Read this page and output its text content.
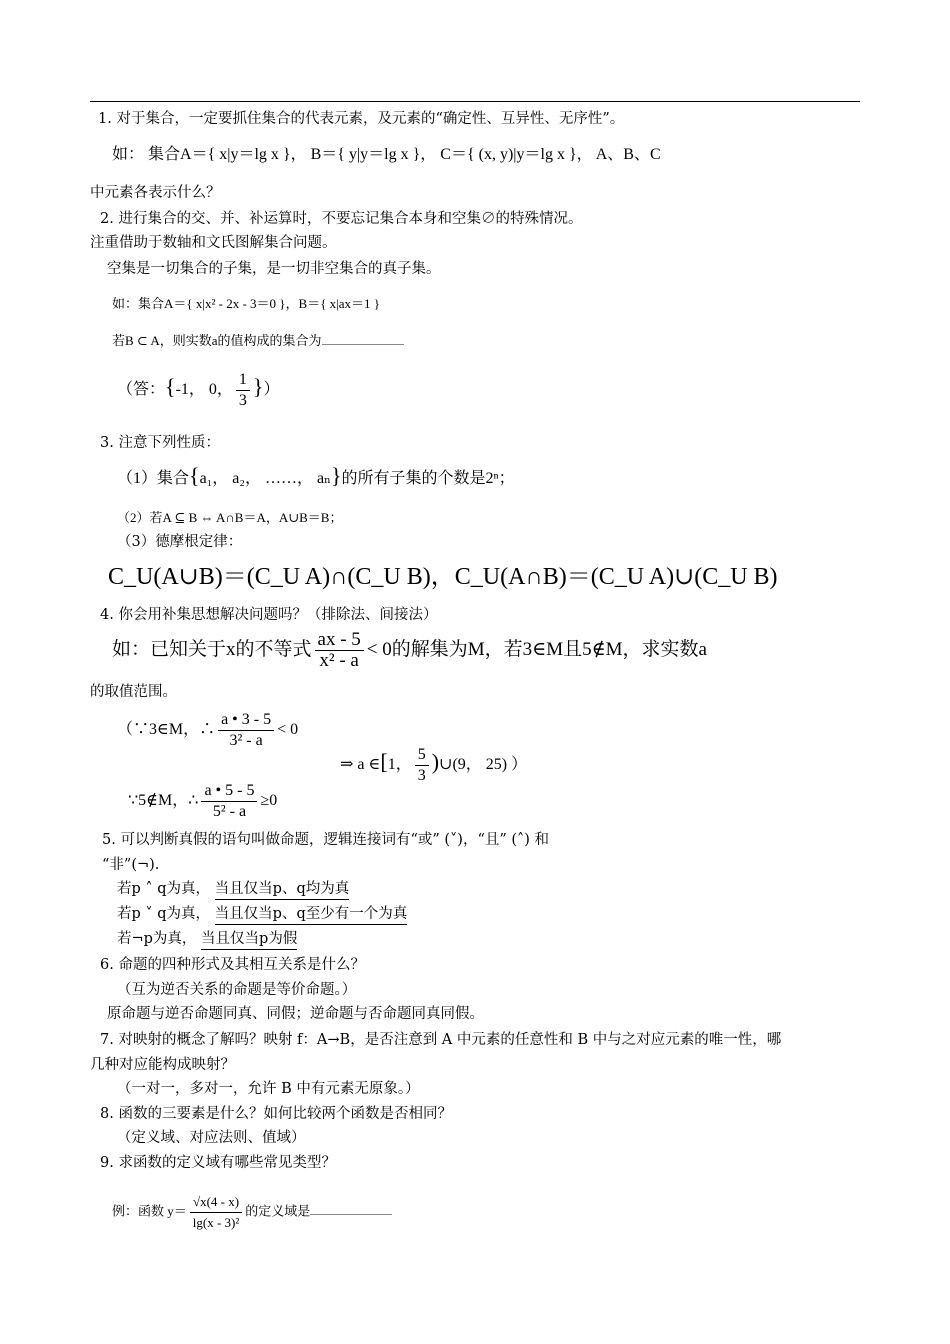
1. 对于集合，一定要抓住集合的代表元素，及元素的“确定性、互异性、无序性”。
如： 集合A＝{ x|y＝lg x }， B＝{ y|y＝lg x }， C＝{ (x, y)|y＝lg x }， A、B、C
中元素各表示什么？
2. 进行集合的交、并、补运算时，不要忘记集合本身和空集∅的特殊情况。
注重借助于数轴和文氏图解集合问题。
空集是一切集合的子集，是一切非空集合的真子集。
如：集合A＝{ x|x² - 2x - 3＝0 }，B＝{ x|ax＝1 }
若B ⊂ A，则实数a的值构成的集合为
（答：{-1， 0， $\frac{1}{3}$ }）
3. 注意下列性质：
（1）集合{a₁， a₂， ……， aₙ}的所有子集的个数是2ⁿ；
（2）若A ⊆ B ⇔ A∩B＝A，A∪B＝B；
（3）德摩根定律：
C_U(A∪B)＝(C_U A)∩(C_U B)，C_U(A∩B)＝(C_U A)∪(C_U B)
4. 你会用补集思想解决问题吗？（排除法、间接法）
如：已知关于x的不等式 $\frac{ax - 5}{\text{x² - a}} < 0$的解集为M，若3∈M且5∉M，求实数a
的取值范围。
（∵3∈M，∴ $\frac{a • 3 - 5}{\text{3² - a}} < 0$
⇒ a ∈[1， $\frac{5}{3}$ )∪(9， 25) ）
∵5∉M，∴ $\frac{a • 5 - 5}{\text{5² - a}} \ge 0$
5. 可以判断真假的语句叫做命题，逻辑连接词有“或” (˅)，“且” (˄) 和
“非”(¬).
若p ˄ q为真， 当且仅当p、q均为真
若p ˅ q为真， 当且仅当p、q至少有一个为真
若¬p为真， 当且仅当p为假
6. 命题的四种形式及其相互关系是什么？
（互为逆否关系的命题是等价命题。）
原命题与逆否命题同真、同假；逆命题与否命题同真同假。
7. 对映射的概念了解吗？映射 f：A→B，是否注意到 A 中元素的任意性和 B 中与之对应元素的唯一性，哪
几种对应能构成映射？
（一对一，多对一，允许 B 中有元素无原象。）
8. 函数的三要素是什么？如何比较两个函数是否相同？
（定义域、对应法则、值域）
9. 求函数的定义域有哪些常见类型？
例：函数 $y= \frac{√x(4 - x)}{\text{lg(x - 3)²}}$ 的定义域是
